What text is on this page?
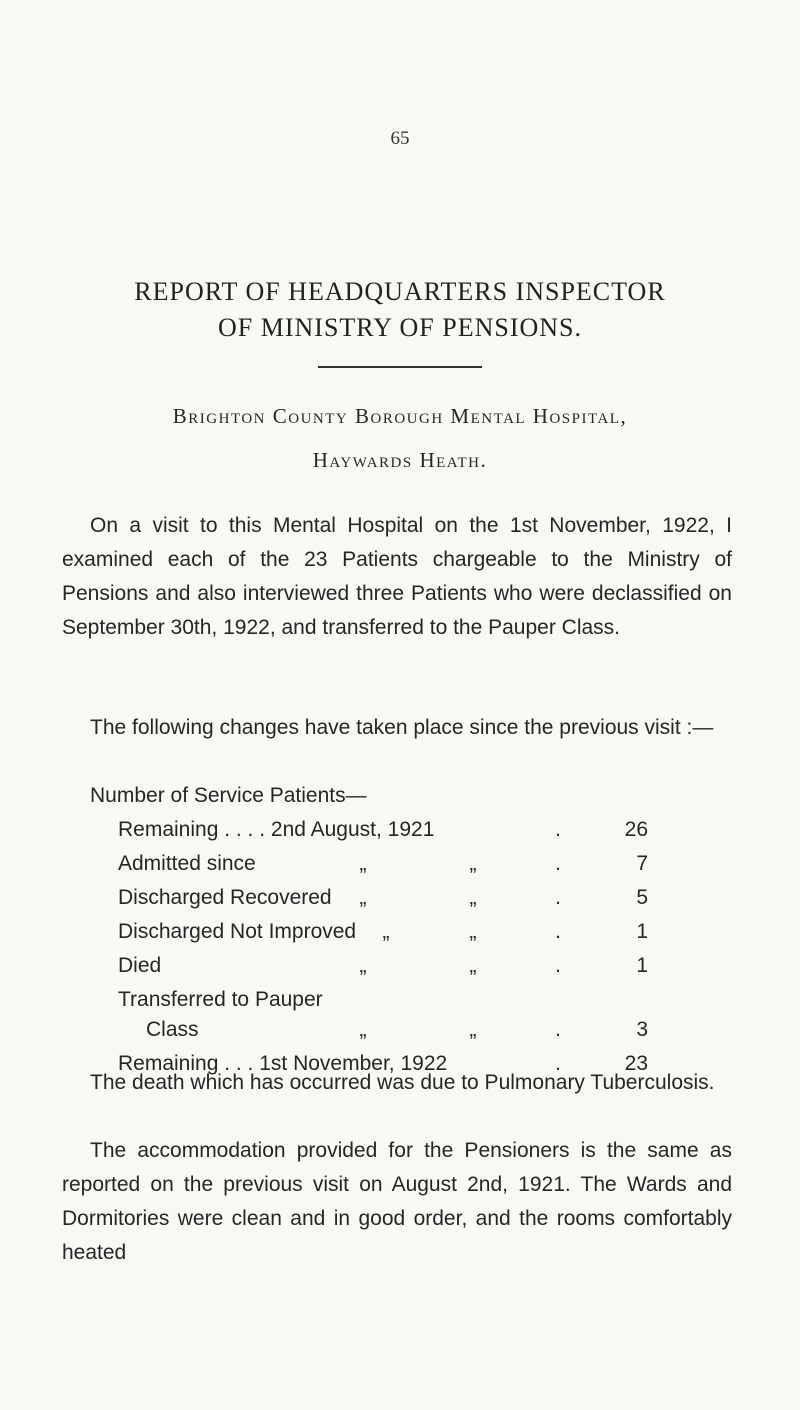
65
REPORT OF HEADQUARTERS INSPECTOR
OF MINISTRY OF PENSIONS.
Brighton County Borough Mental Hospital,
Haywards Heath.

On a visit to this Mental Hospital on the 1st November, 1922, I examined each of the 23 Patients chargeable to the Ministry of Pensions and also interviewed three Patients who were declassified on September 30th, 1922, and transferred to the Pauper Class.

The following changes have taken place since the previous visit :—

Number of Service Patients—
Remaining . . . . 2nd August, 1921	.	26
Admitted since	„	„	.	7
Discharged Recovered	„	„	.	5
Discharged Not Improved	„	„	.	1
Died	„	„	.	1
Transferred to Pauper
Class	„	„	.	3
Remaining . . . 1st November, 1922	.	23

The death which has occurred was due to Pulmonary Tuberculosis.

The accommodation provided for the Pensioners is the same as reported on the previous visit on August 2nd, 1921. The Wards and Dormitories were clean and in good order, and the rooms comfortably heated
